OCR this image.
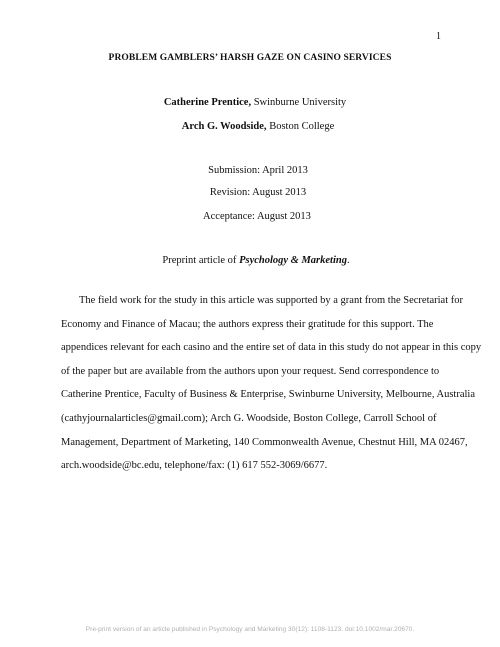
1
PROBLEM GAMBLERS’ HARSH GAZE ON CASINO SERVICES
Catherine Prentice, Swinburne University
Arch G. Woodside, Boston College
Submission: April 2013
Revision: August 2013
Acceptance: August 2013
Preprint article of Psychology & Marketing.
The field work for the study in this article was supported by a grant from the Secretariat for
Economy and Finance of Macau; the authors express their gratitude for this support. The
appendices relevant for each casino and the entire set of data in this study do not appear in this copy
of the paper but are available from the authors upon your request. Send correspondence to
Catherine Prentice, Faculty of Business & Enterprise, Swinburne University, Melbourne, Australia
(cathyjournalarticles@gmail.com); Arch G. Woodside, Boston College, Carroll School of
Management, Department of Marketing, 140 Commonwealth Avenue, Chestnut Hill, MA 02467,
arch.woodside@bc.edu, telephone/fax: (1) 617 552-3069/6677.
Pre-print version of an article published in Psychology and Marketing 30(12): 1108-1123. doi:10.1002/mar.20670.
